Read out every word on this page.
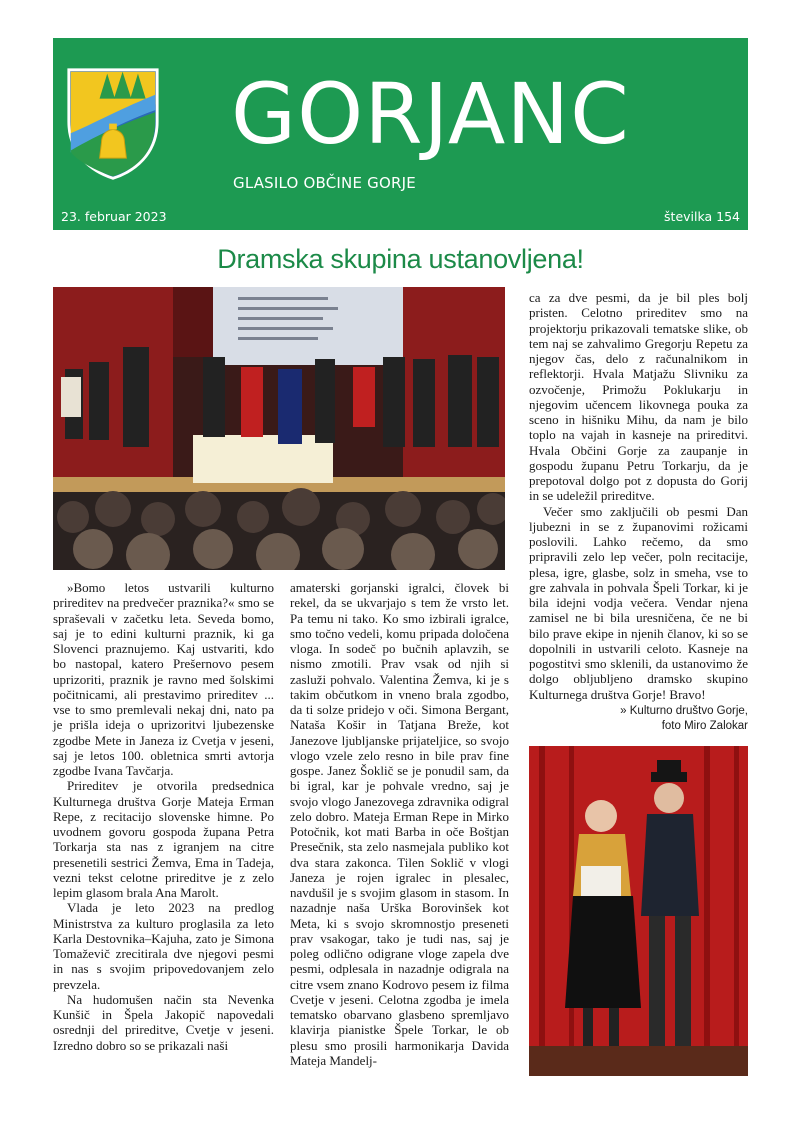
GORJANC
GLASILO OBČINE GORJE
23. februar 2023	številka 154
Dramska skupina ustanovljena!

»Bomo letos ustvarili kulturno prireditev na predvečer praznika?« smo se spraševali v začetku leta. Seveda bomo, saj je to edini kulturni praznik, ki ga Slovenci praznujemo. Kaj ustvariti, kdo bo nastopal, katero Prešernovo pesem uprizoriti, praznik je ravno med šolskimi počitnicami, ali prestavimo prireditev ... vse to smo premlevali nekaj dni, nato pa je prišla ideja o uprizoritvi ljubezenske zgodbe Mete in Janeza iz Cvetja v jeseni, saj je letos 100. obletnica smrti avtorja zgodbe Ivana Tavčarja.

Prireditev je otvorila predsednica Kulturnega društva Gorje Mateja Erman Repe, z recitacijo slovenske himne. Po uvodnem govoru gospoda župana Petra Torkarja sta nas z igranjem na citre presenetili sestrici Žemva, Ema in Tadeja, vezni tekst celotne prireditve je z zelo lepim glasom brala Ana Marolt.

Vlada je leto 2023 na predlog Ministrstva za kulturo proglasila za leto Karla Destovnika–Kajuha, zato je Simona Tomaževič zrecitirala dve njegovi pesmi in nas s svojim pripovedovanjem zelo prevzela.

Na hudomušen način sta Nevenka Kunšič in Špela Jakopič napovedali osrednji del prireditve, Cvetje v jeseni. Izredno dobro so se prikazali naši

amaterski gorjanski igralci, človek bi rekel, da se ukvarjajo s tem že vrsto let. Pa temu ni tako. Ko smo izbirali igralce, smo točno vedeli, komu pripada določena vloga. In sodeč po bučnih aplavzih, se nismo zmotili. Prav vsak od njih si zasluži pohvalo. Valentina Žemva, ki je s takim občutkom in vneno brala zgodbo, da ti solze pridejo v oči. Simona Bergant, Nataša Košir in Tatjana Breže, kot Janezove ljubljanske prijateljice, so svojo vlogo vzele zelo resno in bile prav fine gospe. Janez Šoklič se je ponudil sam, da bi igral, kar je pohvale vredno, saj je svojo vlogo Janezovega zdravnika odigral zelo dobro. Mateja Erman Repe in Mirko Potočnik, kot mati Barba in oče Boštjan Presečnik, sta zelo nasmejala publiko kot dva stara zakonca. Tilen Soklič v vlogi Janeza je rojen igralec in plesalec, navdušil je s svojim glasom in stasom. In nazadnje naša Urška Borovinšek kot Meta, ki s svojo skromnostjo preseneti prav vsakogar, tako je tudi nas, saj je poleg odlično odigrane vloge zapela dve pesmi, odplesala in nazadnje odigrala na citre vsem znano Kodrovo pesem iz filma Cvetje v jeseni. Celotna zgodba je imela tematsko obarvano glasbeno spremljavo klavirja pianistke Špele Torkar, le ob plesu smo prosili harmonikarja Davida Mateja Mandelj-

ca za dve pesmi, da je bil ples bolj pristen. Celotno prireditev smo na projektorju prikazovali tematske slike, ob tem naj se zahvalimo Gregorju Repetu za njegov čas, delo z računalnikom in reflektorji. Hvala Matjažu Slivniku za ozvočenje, Primožu Poklukarju in njegovim učencem likovnega pouka za sceno in hišniku Mihu, da nam je bilo toplo na vajah in kasneje na prireditvi. Hvala Občini Gorje za zaupanje in gospodu županu Petru Torkarju, da je prepotoval dolgo pot z dopusta do Gorij in se udeležil prireditve.

Večer smo zaključili ob pesmi Dan ljubezni in se z županovimi rožicami poslovili. Lahko rečemo, da smo pripravili zelo lep večer, poln recitacije, plesa, igre, glasbe, solz in smeha, vse to gre zahvala in pohvala Špeli Torkar, ki je bila idejni vodja večera. Vendar njena zamisel ne bi bila uresničena, če ne bi bilo prave ekipe in njenih članov, ki so se dopolnili in ustvarili celoto. Kasneje na pogostitvi smo sklenili, da ustanovimo že dolgo obljubljeno dramsko skupino Kulturnega društva Gorje! Bravo!

» Kulturno društvo Gorje,
foto Miro Zalokar
